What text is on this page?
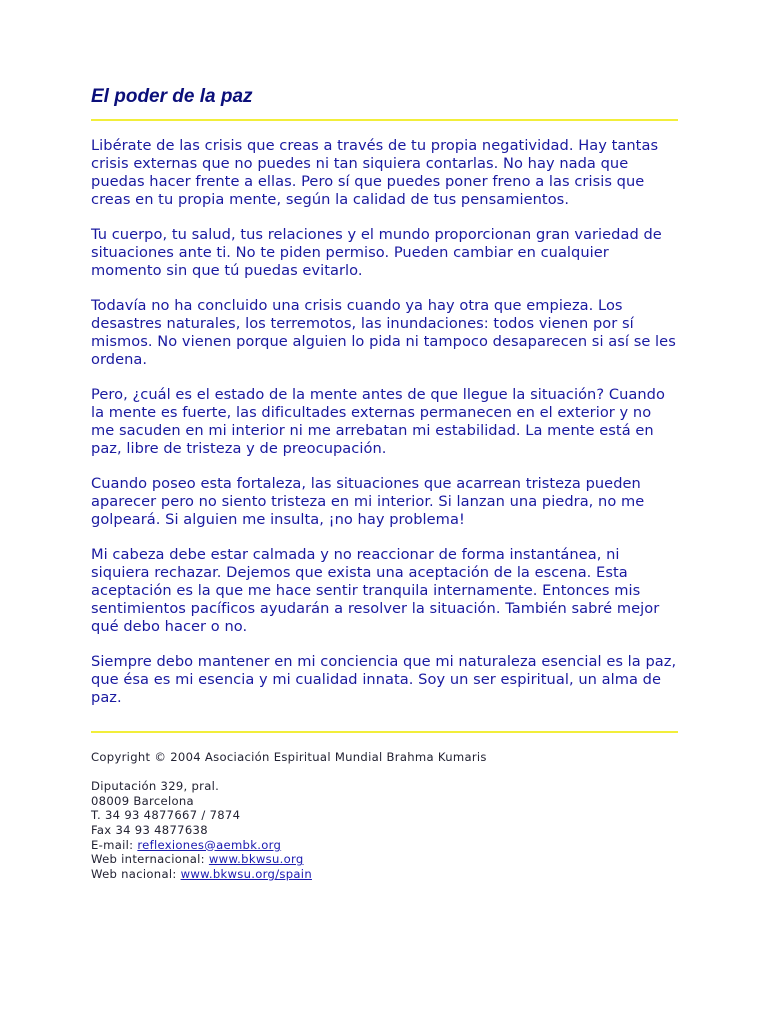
El poder de la paz

Libérate de las crisis que creas a través de tu propia negatividad. Hay tantas crisis externas que no puedes ni tan siquiera contarlas. No hay nada que puedas hacer frente a ellas. Pero sí que puedes poner freno a las crisis que creas en tu propia mente, según la calidad de tus pensamientos.

Tu cuerpo, tu salud, tus relaciones y el mundo proporcionan gran variedad de situaciones ante ti. No te piden permiso. Pueden cambiar en cualquier momento sin que tú puedas evitarlo.

Todavía no ha concluido una crisis cuando ya hay otra que empieza. Los desastres naturales, los terremotos, las inundaciones: todos vienen por sí mismos. No vienen porque alguien lo pida ni tampoco desaparecen si así se les ordena.

Pero, ¿cuál es el estado de la mente antes de que llegue la situación? Cuando la mente es fuerte, las dificultades externas permanecen en el exterior y no me sacuden en mi interior ni me arrebatan mi estabilidad. La mente está en paz, libre de tristeza y de preocupación.

Cuando poseo esta fortaleza, las situaciones que acarrean tristeza pueden aparecer pero no siento tristeza en mi interior. Si lanzan una piedra, no me golpeará. Si alguien me insulta, ¡no hay problema!

Mi cabeza debe estar calmada y no reaccionar de forma instantánea, ni siquiera rechazar. Dejemos que exista una aceptación de la escena. Esta aceptación es la que me hace sentir tranquila internamente. Entonces mis sentimientos pacíficos ayudarán a resolver la situación. También sabré mejor qué debo hacer o no.

Siempre debo mantener en mi conciencia que mi naturaleza esencial es la paz, que ésa es mi esencia y mi cualidad innata. Soy un ser espiritual, un alma de paz.

Copyright © 2004 Asociación Espiritual Mundial Brahma Kumaris
Diputación 329, pral.
08009 Barcelona
T. 34 93 4877667 / 7874
Fax 34 93 4877638
E-mail: reflexiones@aembk.org
Web internacional: www.bkwsu.org
Web nacional: www.bkwsu.org/spain
